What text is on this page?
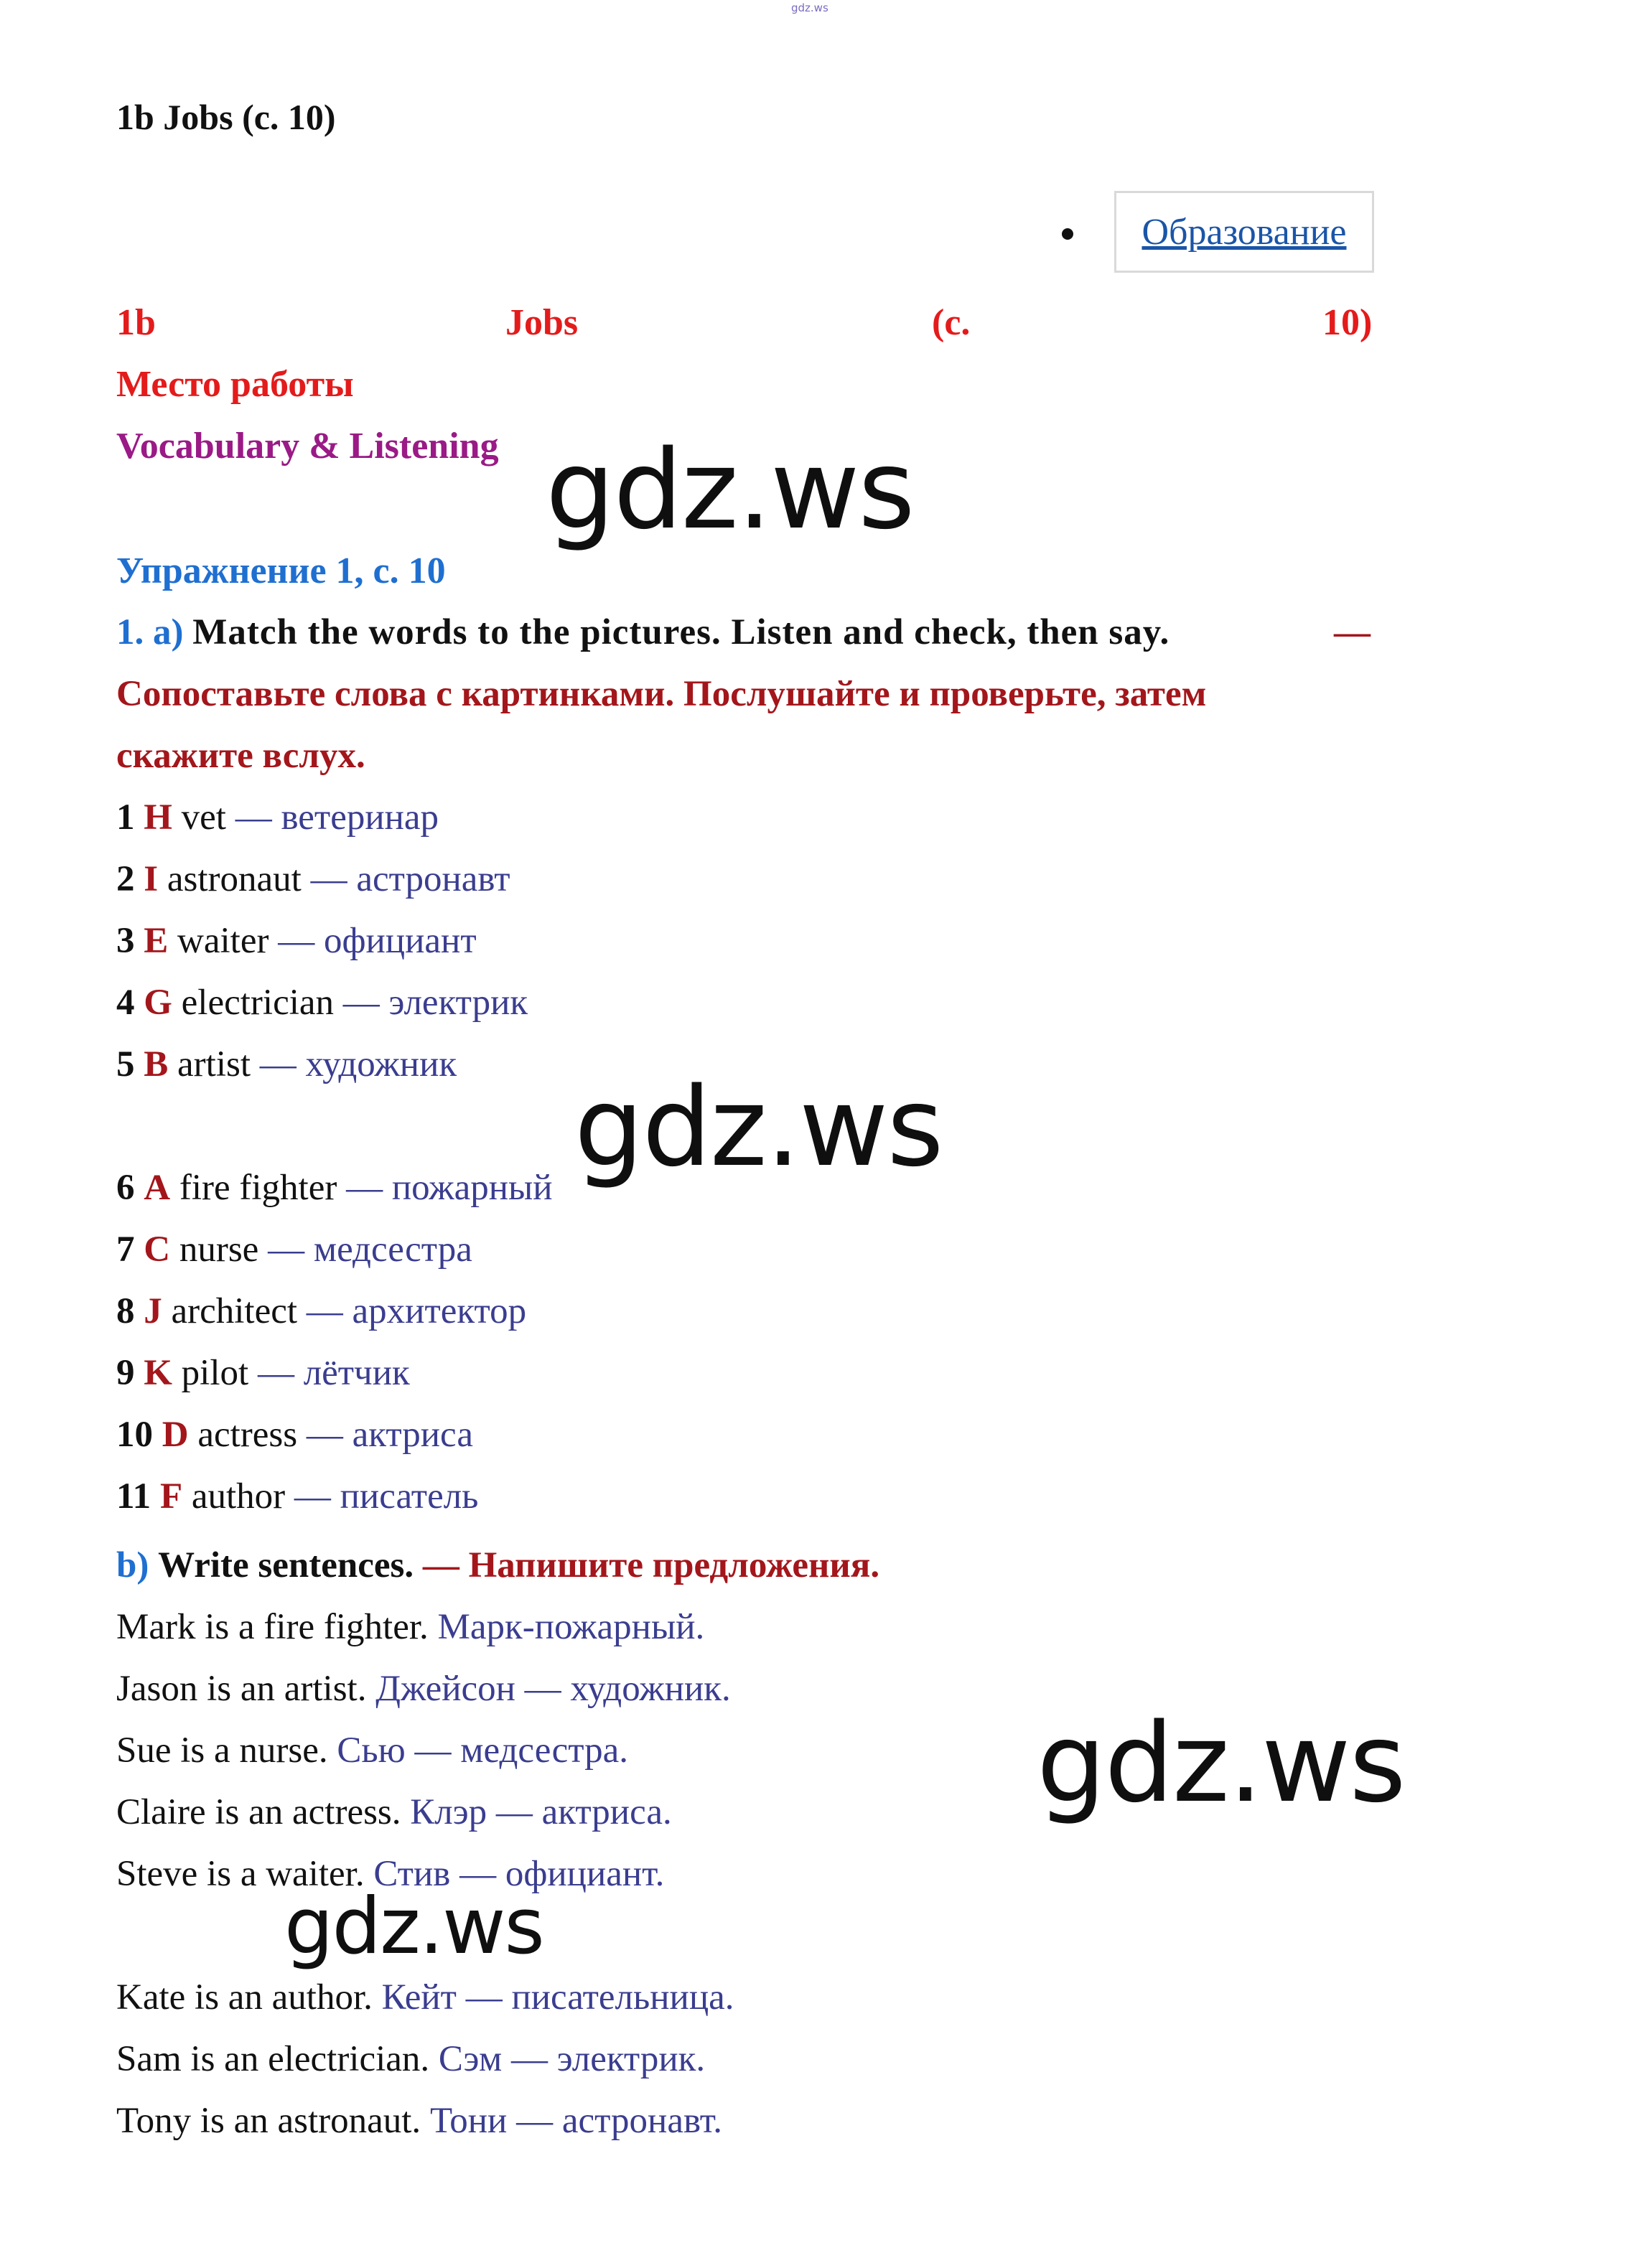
gdz.ws
1b Jobs (с. 10)
Образование
1b	Jobs	(с.	10)
Место работы
Vocabulary & Listening
Упражнение 1, с. 10
1. а) Match the words to the pictures. Listen and check, then say.	—
Сопоставьте слова с картинками. Послушайте и проверьте, затем
скажите вслух.
1 H vet — ветеринар
2 I astronaut — астронавт
3 E waiter — официант
4 G electrician — электрик
5 B artist — художник
6 A fire fighter — пожарный
7 C nurse — медсестра
8 J architect — архитектор
9 K pilot — лётчик
10 D actress — актриса
11 F author — писатель
b) Write sentences. — Напишите предложения.
Mark is a fire fighter. Марк-пожарный.
Jason is an artist. Джейсон — художник.
Sue is a nurse. Сью — медсестра.
Claire is an actress. Клэр — актриса.
Steve is a waiter. Стив — официант.
Kate is an author. Кейт — писательница.
Sam is an electrician. Сэм — электрик.
Tony is an astronaut. Тони — астронавт.
gdz.ws
gdz.ws
gdz.ws
gdz.ws
